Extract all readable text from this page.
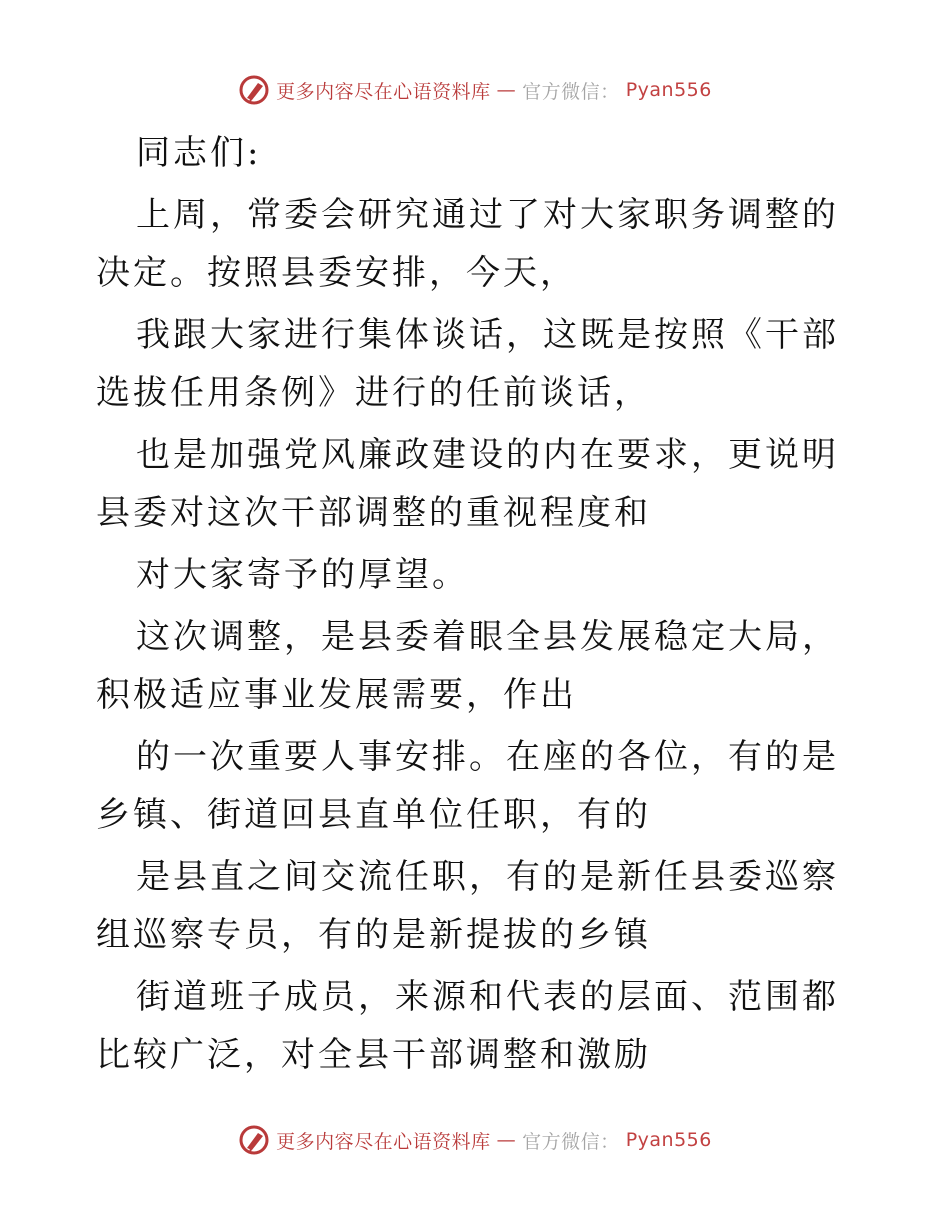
更多内容尽在心语资料库 — 官方微信： Pyan556

同志们:

上周，常委会研究通过了对大家职务调整的决定。按照县委安排，今天，

我跟大家进行集体谈话，这既是按照《干部选拔任用条例》进行的任前谈话，

也是加强党风廉政建设的内在要求，更说明县委对这次干部调整的重视程度和

对大家寄予的厚望。

这次调整，是县委着眼全县发展稳定大局，积极适应事业发展需要，作出

的一次重要人事安排。在座的各位，有的是乡镇、街道回县直单位任职，有的

是县直之间交流任职，有的是新任县委巡察组巡察专员，有的是新提拔的乡镇

街道班子成员，来源和代表的层面、范围都比较广泛，对全县干部调整和激励

更多内容尽在心语资料库 — 官方微信： Pyan556
